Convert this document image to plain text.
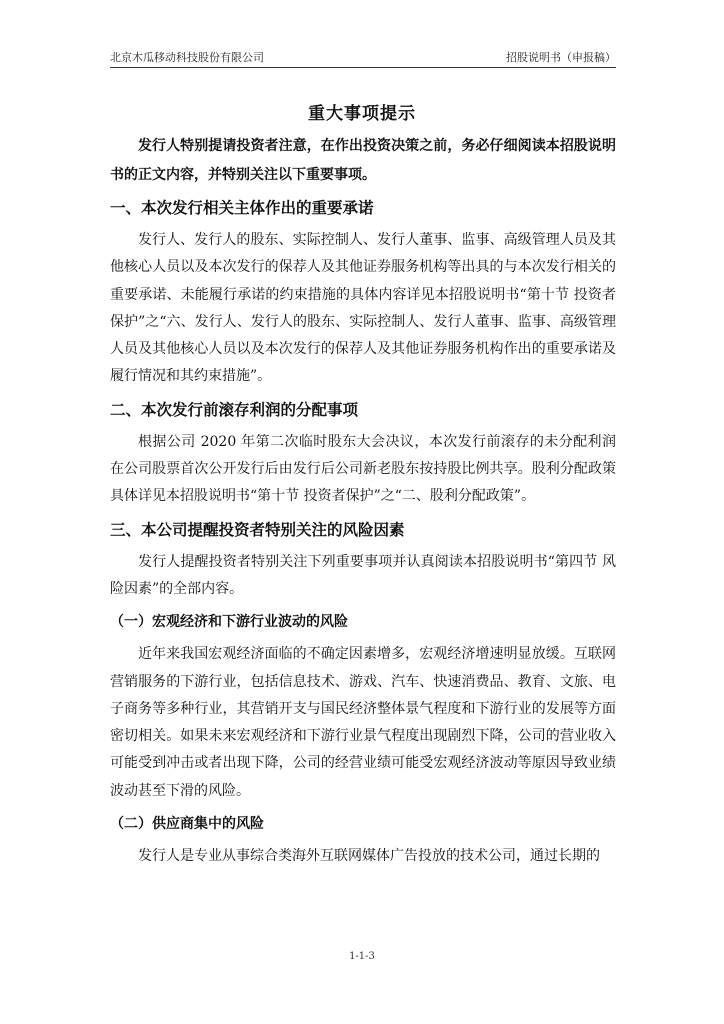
北京木瓜移动科技股份有限公司	招股说明书（申报稿）
重大事项提示

发行人特别提请投资者注意，在作出投资决策之前，务必仔细阅读本招股说明书的正文内容，并特别关注以下重要事项。

一、本次发行相关主体作出的重要承诺

发行人、发行人的股东、实际控制人、发行人董事、监事、高级管理人员及其他核心人员以及本次发行的保荐人及其他证券服务机构等出具的与本次发行相关的重要承诺、未能履行承诺的约束措施的具体内容详见本招股说明书“第十节 投资者保护”之“六、发行人、发行人的股东、实际控制人、发行人董事、监事、高级管理人员及其他核心人员以及本次发行的保荐人及其他证券服务机构作出的重要承诺及履行情况和其约束措施”。

二、本次发行前滚存利润的分配事项

根据公司 2020 年第二次临时股东大会决议，本次发行前滚存的未分配利润在公司股票首次公开发行后由发行后公司新老股东按持股比例共享。股利分配政策具体详见本招股说明书“第十节 投资者保护”之“二、股利分配政策”。

三、本公司提醒投资者特别关注的风险因素

发行人提醒投资者特别关注下列重要事项并认真阅读本招股说明书“第四节 风险因素”的全部内容。

（一）宏观经济和下游行业波动的风险

近年来我国宏观经济面临的不确定因素增多，宏观经济增速明显放缓。互联网营销服务的下游行业，包括信息技术、游戏、汽车、快速消费品、教育、文旅、电子商务等多种行业，其营销开支与国民经济整体景气程度和下游行业的发展等方面密切相关。如果未来宏观经济和下游行业景气程度出现剧烈下降，公司的营业收入可能受到冲击或者出现下降，公司的经营业绩可能受宏观经济波动等原因导致业绩波动甚至下滑的风险。

（二）供应商集中的风险

发行人是专业从事综合类海外互联网媒体广告投放的技术公司，通过长期的

1-1-3
